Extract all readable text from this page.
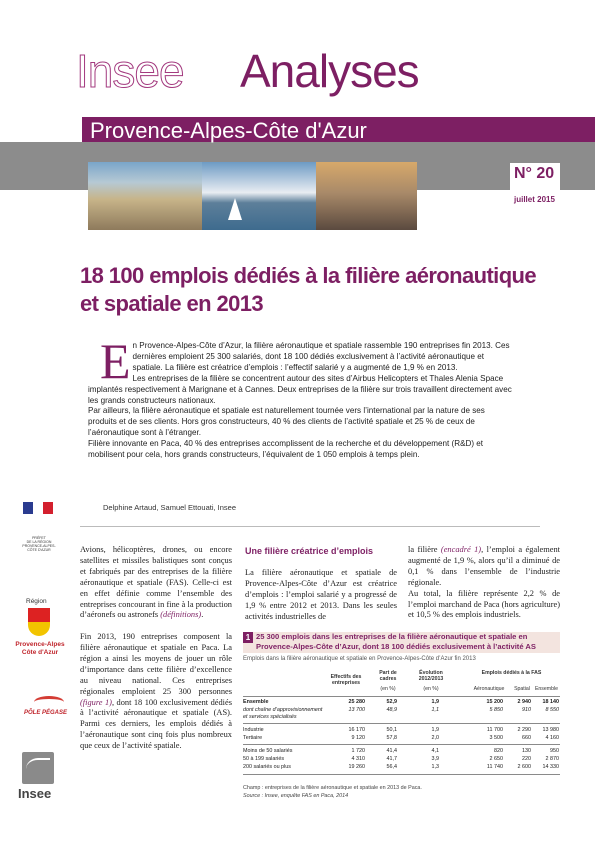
Insee Analyses
Provence-Alpes-Côte d'Azur
N° 20
juillet 2015
18 100 emplois dédiés à la filière aéronautique et spatiale en 2013
E n Provence-Alpes-Côte d’Azur, la filière aéronautique et spatiale rassemble 190 entreprises fin 2013. Ces dernières emploient 25 300 salariés, dont 18 100 dédiés exclusivement à l’activité aéronautique et spatiale. La filière est créatrice d’emplois : l’effectif salarié y a augmenté de 1,9 % en 2013.

Les entreprises de la filière se concentrent autour des sites d’Airbus Helicopters et Thales Alenia Space implantés respectivement à Marignane et à Cannes. Deux entreprises de la filière sur trois travaillent directement avec les grands constructeurs nationaux.

Par ailleurs, la filière aéronautique et spatiale est naturellement tournée vers l’international par la nature de ses produits et de ses clients. Hors gros constructeurs, 40 % des clients de l’activité spatiale et 25 % de ceux de l’aéronautique sont à l’étranger.

Filière innovante en Paca, 40 % des entreprises accomplissent de la recherche et du développement (R&D) et mobilisent pour cela, hors grands constructeurs, l’équivalent de 1 050 emplois à temps plein.

Delphine Artaud, Samuel Ettouati, Insee
PRÉFET
DE LA RÉGION
PROVENCE-ALPES-
CÔTE D'AZUR
Région
Provence-Alpes
Côte d'Azur
PÔLE PÉGASE
Insee

Avions, hélicoptères, drones, ou encore satellites et missiles balistiques sont conçus et fabriqués par des entreprises de la filière aéronautique et spatiale (FAS). Celle-ci est en effet définie comme l’ensemble des entreprises concourant in fine à la production d’aéronefs ou astronefs (définitions).

Fin 2013, 190 entreprises composent la filière aéronautique et spatiale en Paca. La région a ainsi les moyens de jouer un rôle d’importance dans cette filière d’excellence au niveau national. Ces entreprises régionales emploient 25 300 personnes (figure 1), dont 18 100 exclusivement dédiés à l’activité aéronautique et spatiale (AS). Parmi ces derniers, les emplois dédiés à l’aéronautique sont cinq fois plus nombreux que ceux de l’activité spatiale.

Une filière créatrice d’emplois
La filière aéronautique et spatiale de Provence-Alpes-Côte d’Azur est créatrice d’emplois : l’emploi salarié y a progressé de 1,9 % entre 2012 et 2013. Dans les seules activités industrielles de

la filière (encadré 1), l’emploi a également augmenté de 1,9 %, alors qu’il a diminué de 0,1 % dans l’ensemble de l’industrie régionale.

Au total, la filière représente 2,2 % de l’emploi marchand de Paca (hors agriculture) et 10,5 % des emplois industriels.

1 25 300 emplois dans les entreprises de la filière aéronautique et spatiale en Provence-Alpes-Côte d’Azur, dont 18 100 dédiés exclusivement à l’activité AS
Emplois dans la filière aéronautique et spatiale en Provence-Alpes-Côte d’Azur fin 2013
Effectifs des entreprises
Part de cadres
(en %)
Évolution 2012/2013
(en %)
Emplois dédiés à la FAS
Aéronautique	Spatial Ensemble
Ensemble	25 280	52,9	1,9	15 200	2 940	18 140
dont chaîne d’approvisionnement	13 700	48,9	1,1	5 850	910	8 550
et services spécialisés
Industrie	16 170	50,1	1,9	11 700	2 290	13 980
Tertiaire	9 120	57,8	2,0	3 500	660	4 160
Moins de 50 salariés	1 720	41,4	4,1	820	130	950
50 à 199 salariés	4 310	41,7	3,9	2 650	220	2 870
200 salariés ou plus	19 260	56,4	1,3	11 740	2 600	14 330
Champ : entreprises de la filière aéronautique et spatiale en 2013 de Paca.
Source : Insee, enquête FAS en Paca, 2014
